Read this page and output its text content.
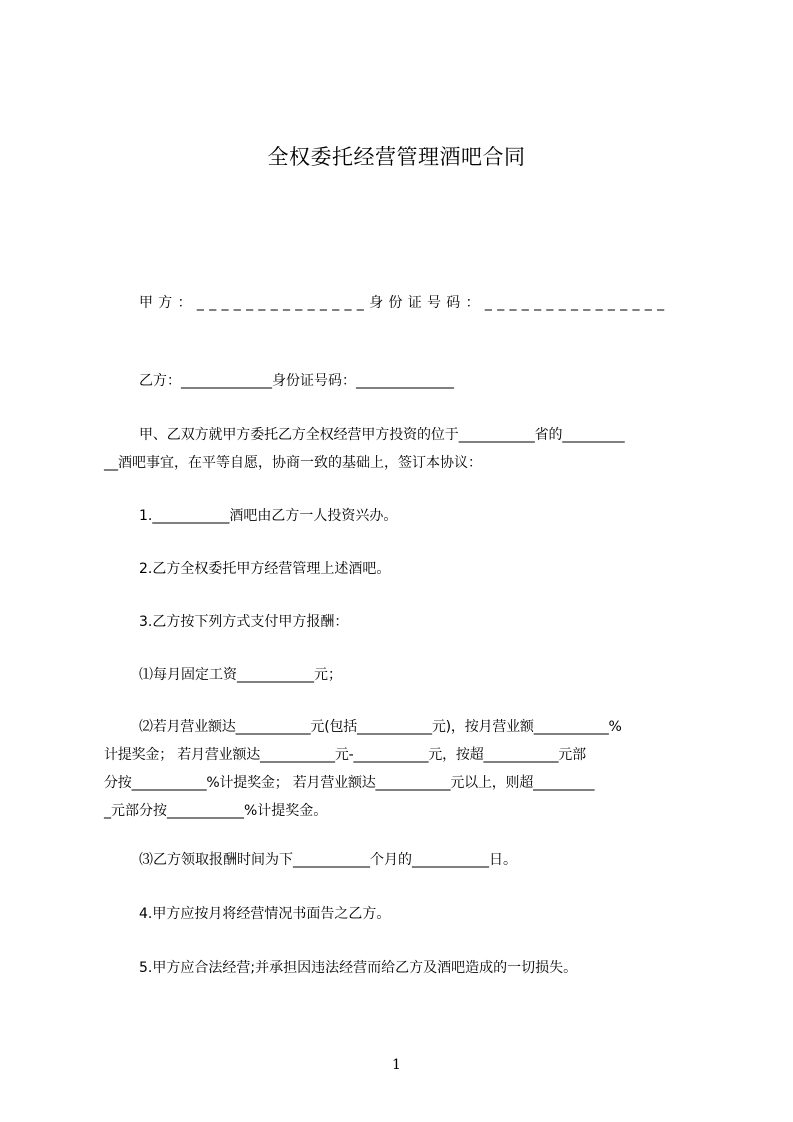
全权委托经营管理酒吧合同
甲方：______________身份证号码：_______________
乙方：_____________身份证号码：______________
甲、乙双方就甲方委托乙方全权经营甲方投资的位于___________省的_________
__酒吧事宜，在平等自愿，协商一致的基础上，签订本协议：
1.___________酒吧由乙方一人投资兴办。
2.乙方全权委托甲方经营管理上述酒吧。
3.乙方按下列方式支付甲方报酬：
⑴每月固定工资___________元；
⑵若月营业额达___________元(包括___________元)，按月营业额___________%
计提奖金； 若月营业额达___________元-___________元，按超___________元部
分按___________%计提奖金； 若月营业额达___________元以上，则超_________
_元部分按___________%计提奖金。
⑶乙方领取报酬时间为下___________个月的___________日。
4.甲方应按月将经营情况书面告之乙方。
5.甲方应合法经营;并承担因违法经营而给乙方及酒吧造成的一切损失。
1
